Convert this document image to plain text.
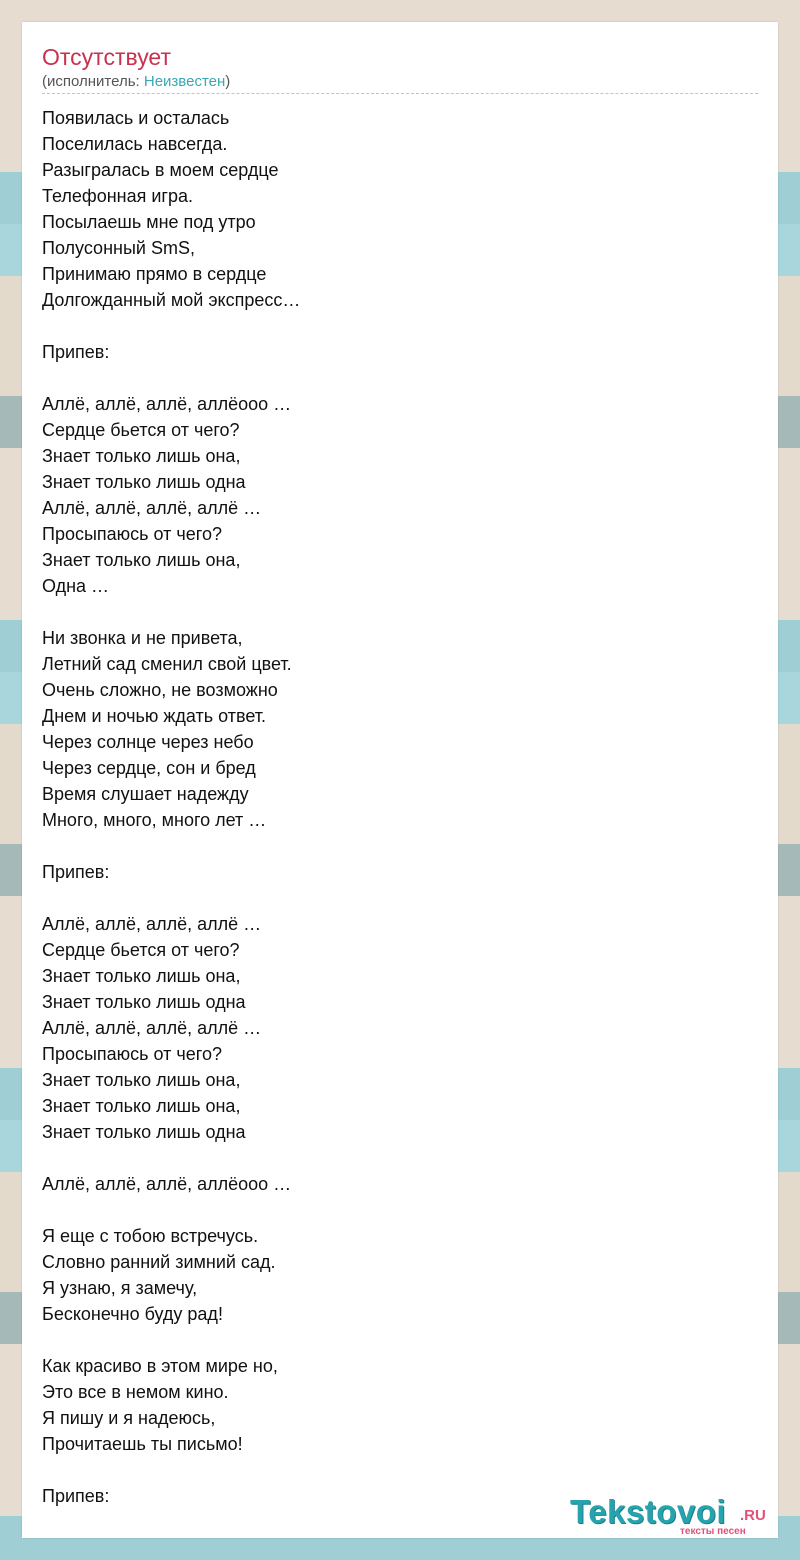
Отсутствует
(исполнитель: Неизвестен)
Появилась и осталась
Поселилась навсегда.
Разыгралась в моем сердце
Телефонная игра.
Посылаешь мне под утро
Полусонный SmS,
Принимаю прямо в сердце
Долгожданный мой экспресс…

Припев:

Аллё, аллё, аллё, аллёооо …
Сердце бьется от чего?
Знает только лишь она,
Знает только лишь одна
Аллё, аллё, аллё, аллё …
Просыпаюсь от чего?
Знает только лишь она,
Одна …

Ни звонка и не привета,
Летний сад сменил свой цвет.
Очень сложно, не возможно
Днем и ночью ждать ответ.
Через солнце через небо
Через сердце, сон и бред
Время слушает надежду
Много, много, много лет …

Припев:

Аллё, аллё, аллё, аллё …
Сердце бьется от чего?
Знает только лишь она,
Знает только лишь одна
Аллё, аллё, аллё, аллё …
Просыпаюсь от чего?
Знает только лишь она,
Знает только лишь она,
Знает только лишь одна

Аллё, аллё, аллё, аллёооо …

Я еще с тобою встречусь.
Словно ранний зимний сад.
Я узнаю, я замечу,
Бесконечно буду рад!

Как красиво в этом мире но,
Это все в немом кино.
Я пишу и я надеюсь,
Прочитаешь ты письмо!

Припев:	Tekstovoi .RU
тексты песен
